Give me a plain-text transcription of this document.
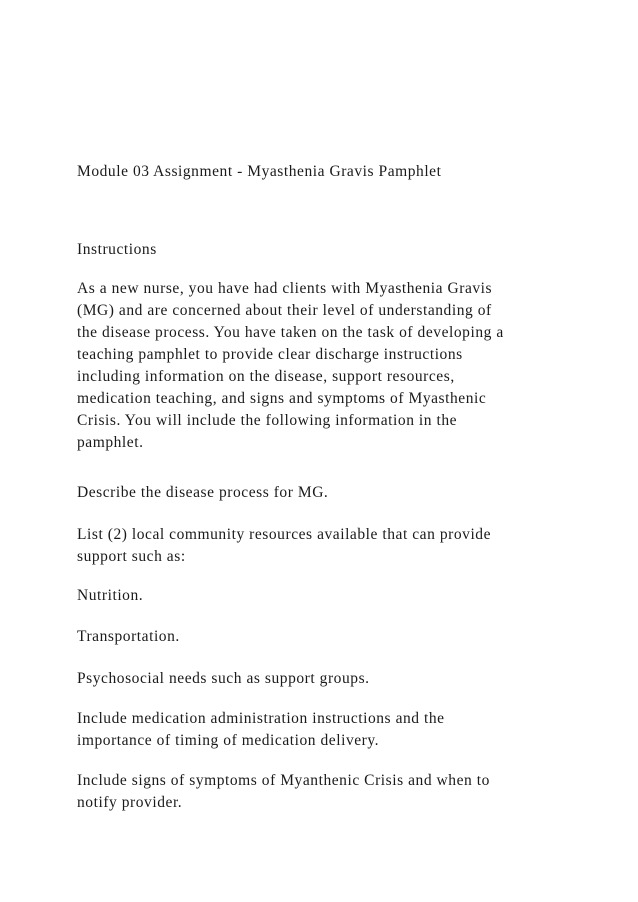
Module 03 Assignment - Myasthenia Gravis Pamphlet
Instructions
As a new nurse, you have had clients with Myasthenia Gravis
(MG) and are concerned about their level of understanding of
the disease process. You have taken on the task of developing a
teaching pamphlet to provide clear discharge instructions
including information on the disease, support resources,
medication teaching, and signs and symptoms of Myasthenic
Crisis. You will include the following information in the
pamphlet.
Describe the disease process for MG.
List (2) local community resources available that can provide
support such as:
Nutrition.
Transportation.
Psychosocial needs such as support groups.
Include medication administration instructions and the
importance of timing of medication delivery.
Include signs of symptoms of Myanthenic Crisis and when to
notify provider.
